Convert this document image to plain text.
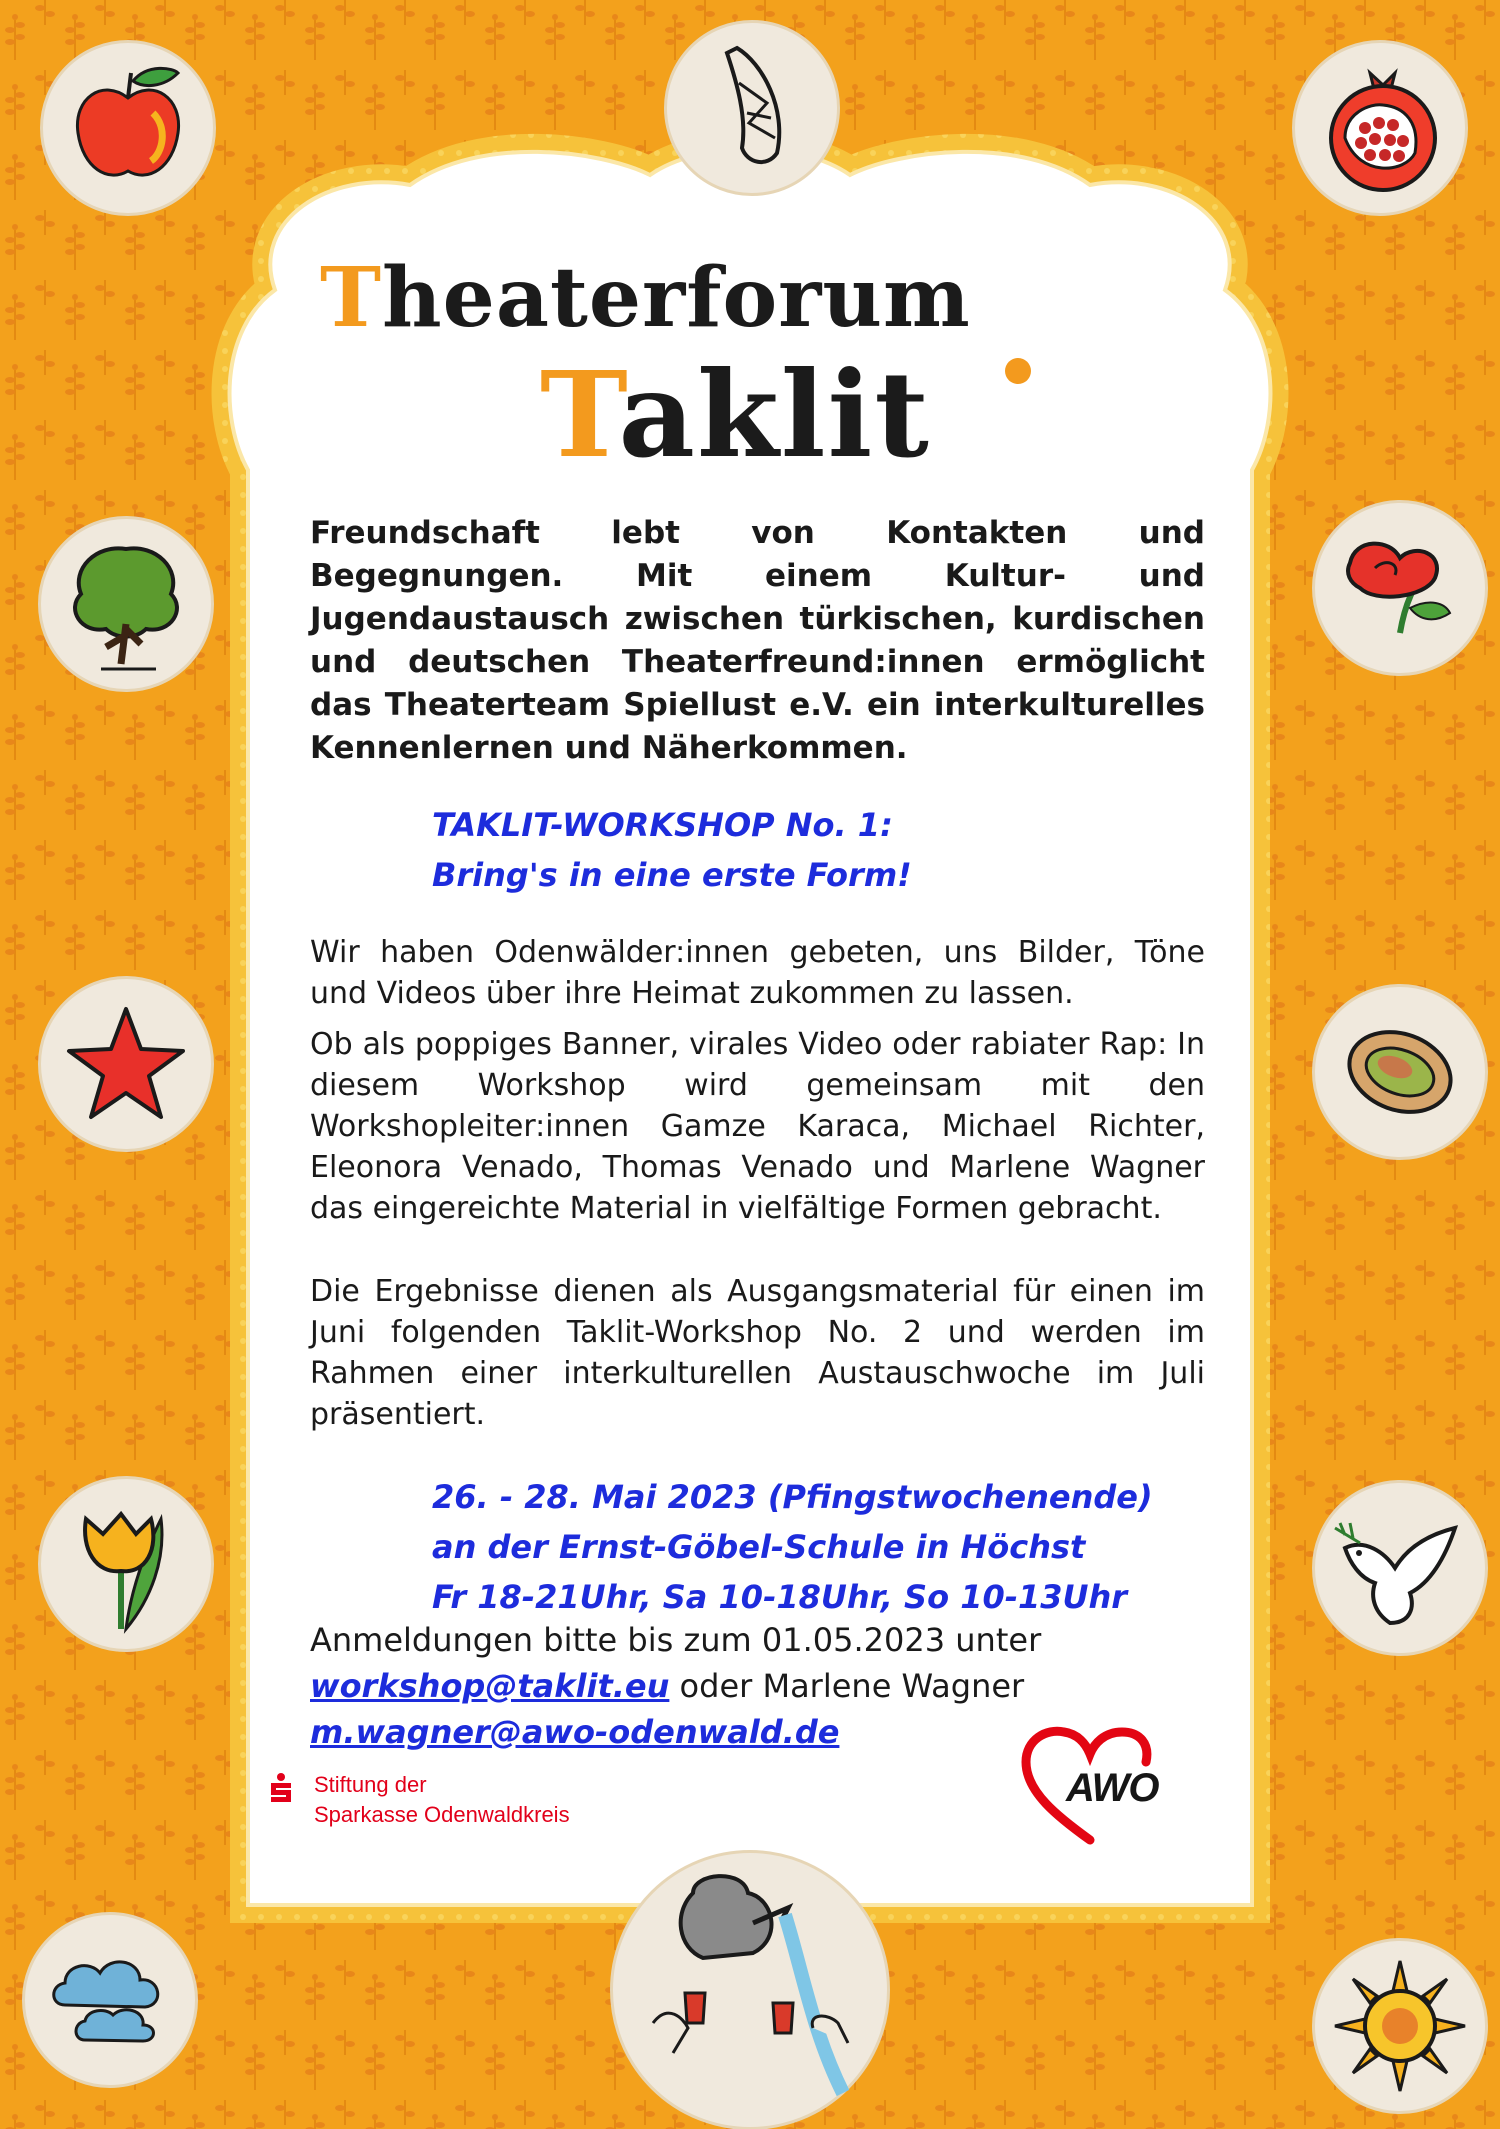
Theaterforum
Taklit
Freundschaft lebt von Kontakten und Begegnungen. Mit einem Kultur- und Jugendaustausch zwischen türkischen, kurdischen und deutschen Theaterfreund:innen ermöglicht das Theaterteam Spiellust e.V. ein interkulturelles Kennenlernen und Näherkommen.
TAKLIT-WORKSHOP No. 1:
Bring's in eine erste Form!
Wir haben Odenwälder:innen gebeten, uns Bilder, Töne und Videos über ihre Heimat zukommen zu lassen.
Ob als poppiges Banner, virales Video oder rabiater Rap: In diesem Workshop wird gemeinsam mit den Workshopleiter:innen Gamze Karaca, Michael Richter, Eleonora Venado, Thomas Venado und Marlene Wagner das eingereichte Material in vielfältige Formen gebracht.
Die Ergebnisse dienen als Ausgangsmaterial für einen im Juni folgenden Taklit-Workshop No. 2 und werden im Rahmen einer interkulturellen Austauschwoche im Juli präsentiert.
26. - 28. Mai 2023 (Pfingstwochenende)
an der Ernst-Göbel-Schule in Höchst
Fr 18-21Uhr, Sa 10-18Uhr, So 10-13Uhr
Anmeldungen bitte bis zum 01.05.2023 unter
workshop@taklit.eu oder Marlene Wagner
m.wagner@awo-odenwald.de
Stiftung der
Sparkasse Odenwaldkreis
AWO
